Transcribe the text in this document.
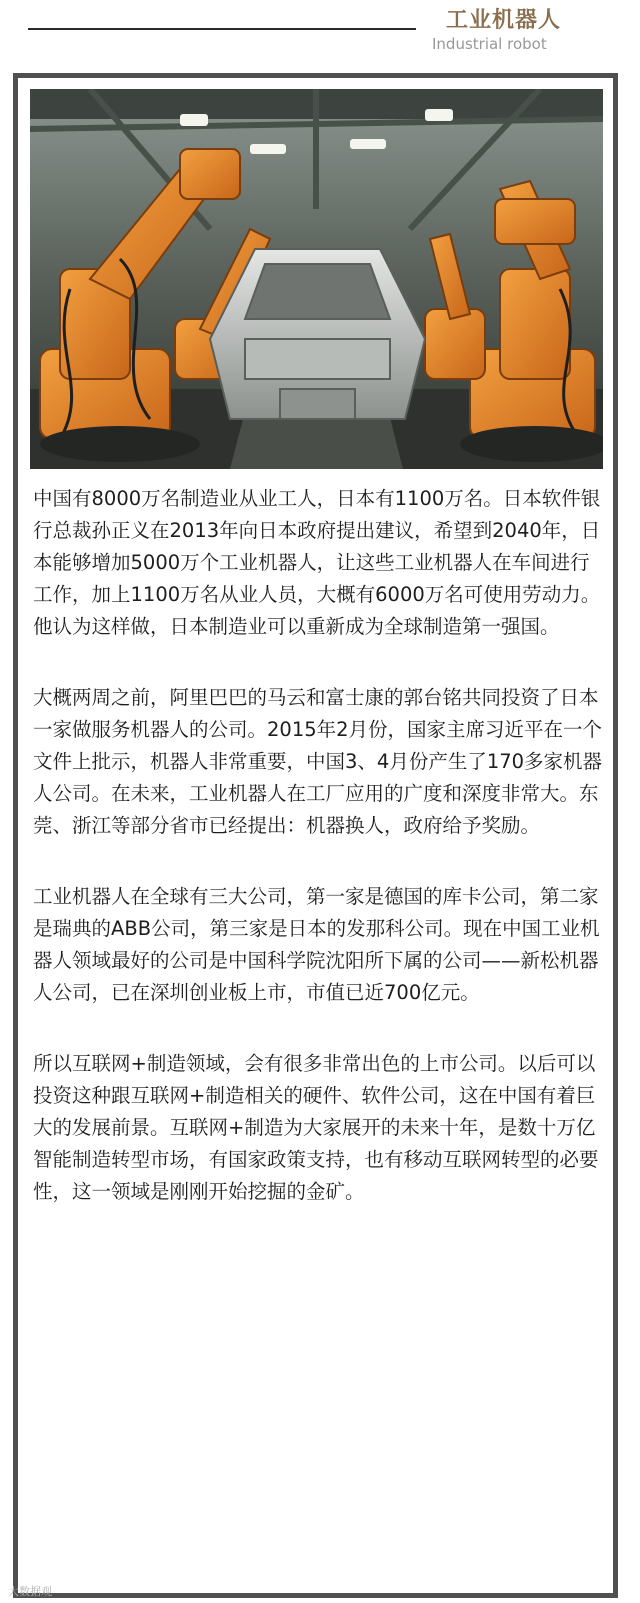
工业机器人
Industrial robot

中国有8000万名制造业从业工人，日本有1100万名。日本软件银行总裁孙正义在2013年向日本政府提出建议，希望到2040年，日本能够增加5000万个工业机器人，让这些工业机器人在车间进行工作，加上1100万名从业人员，大概有6000万名可使用劳动力。他认为这样做，日本制造业可以重新成为全球制造第一强国。

大概两周之前，阿里巴巴的马云和富士康的郭台铭共同投资了日本一家做服务机器人的公司。2015年2月份，国家主席习近平在一个文件上批示，机器人非常重要，中国3、4月份产生了170多家机器人公司。在未来，工业机器人在工厂应用的广度和深度非常大。东莞、浙江等部分省市已经提出：机器换人，政府给予奖励。

工业机器人在全球有三大公司，第一家是德国的库卡公司，第二家是瑞典的ABB公司，第三家是日本的发那科公司。现在中国工业机器人领域最好的公司是中国科学院沈阳所下属的公司——新松机器人公司，已在深圳创业板上市，市值已近700亿元。

所以互联网+制造领域，会有很多非常出色的上市公司。以后可以投资这种跟互联网+制造相关的硬件、软件公司，这在中国有着巨大的发展前景。互联网+制造为大家展开的未来十年，是数十万亿智能制造转型市场，有国家政策支持，也有移动互联网转型的必要性，这一领域是刚刚开始挖掘的金矿。

大数据观
